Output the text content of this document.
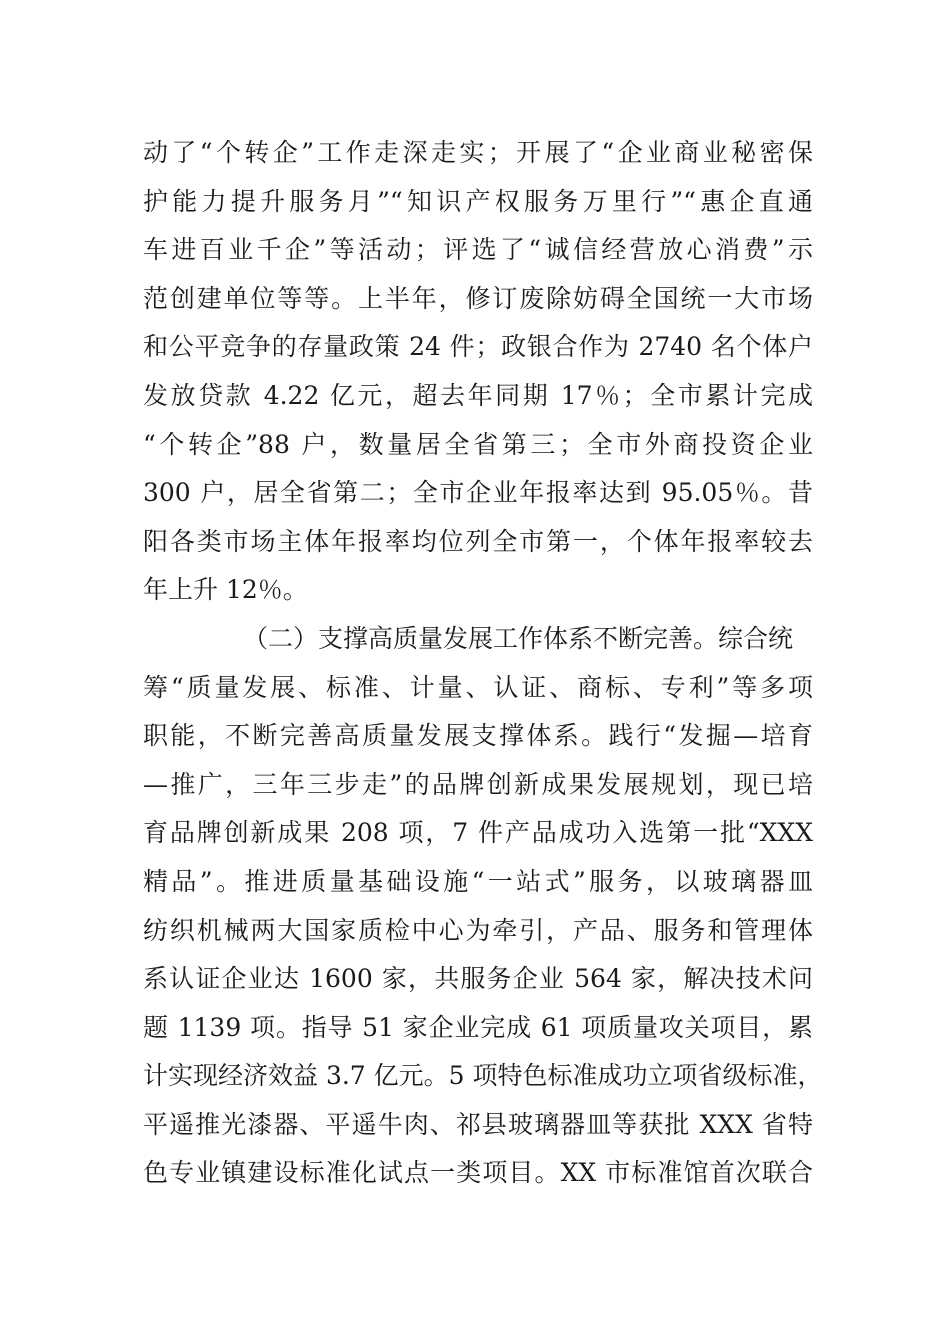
动了“个转企”工作走深走实；开展了“企业商业秘密保
护能力提升服务月”“知识产权服务万里行”“惠企直通
车进百业千企”等活动；评选了“诚信经营放心消费”示
范创建单位等等。上半年，修订废除妨碍全国统一大市场
和公平竞争的存量政策 24 件；政银合作为 2740 名个体户
发放贷款 4.22 亿元，超去年同期 17％；全市累计完成
“个转企”88 户，数量居全省第三；全市外商投资企业
300 户，居全省第二；全市企业年报率达到 95.05％。昔
阳各类市场主体年报率均位列全市第一，个体年报率较去
年上升 12％。
（二）支撑高质量发展工作体系不断完善。综合统
筹“质量发展、标准、计量、认证、商标、专利”等多项
职能，不断完善高质量发展支撑体系。践行“发掘—培育
—推广，三年三步走”的品牌创新成果发展规划，现已培
育品牌创新成果 208 项，7 件产品成功入选第一批“XXX
精品”。推进质量基础设施“一站式”服务，以玻璃器皿
纺织机械两大国家质检中心为牵引，产品、服务和管理体
系认证企业达 1600 家，共服务企业 564 家，解决技术问
题 1139 项。指导 51 家企业完成 61 项质量攻关项目，累
计实现经济效益 3.7 亿元。5 项特色标准成功立项省级标准，
平遥推光漆器、平遥牛肉、祁县玻璃器皿等获批 XXX 省特
色专业镇建设标准化试点一类项目。XX 市标准馆首次联合
